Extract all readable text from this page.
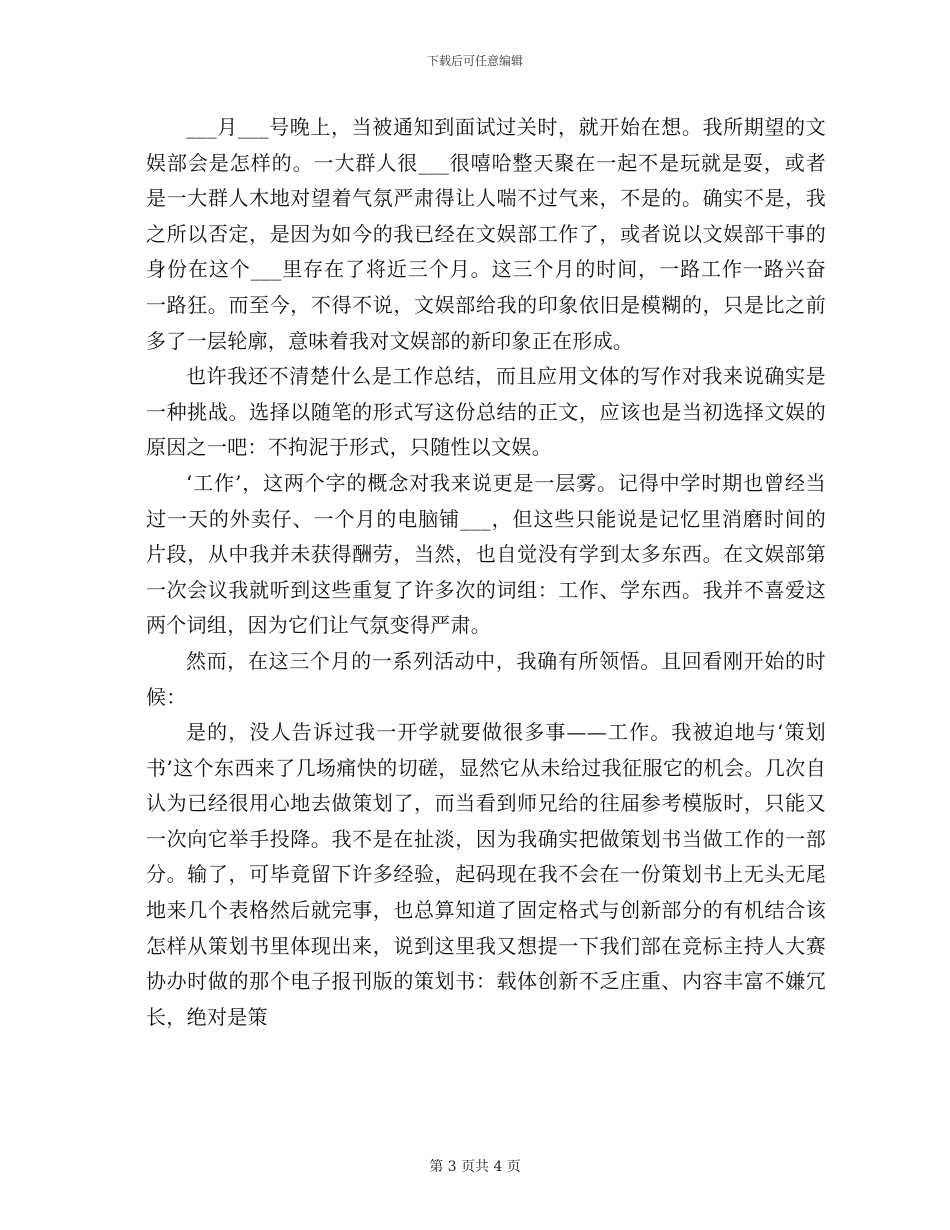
下载后可任意编辑

___月___号晚上，当被通知到面试过关时，就开始在想。我所期望的文娱部会是怎样的。一大群人很___很嘻哈整天聚在一起不是玩就是耍，或者是一大群人木地对望着气氛严肃得让人喘不过气来，不是的。确实不是，我之所以否定，是因为如今的我已经在文娱部工作了，或者说以文娱部干事的身份在这个___里存在了将近三个月。这三个月的时间，一路工作一路兴奋一路狂。而至今，不得不说，文娱部给我的印象依旧是模糊的，只是比之前多了一层轮廓，意味着我对文娱部的新印象正在形成。

也许我还不清楚什么是工作总结，而且应用文体的写作对我来说确实是一种挑战。选择以随笔的形式写这份总结的正文，应该也是当初选择文娱的原因之一吧：不拘泥于形式，只随性以文娱。

‘工作’，这两个字的概念对我来说更是一层雾。记得中学时期也曾经当过一天的外卖仔、一个月的电脑铺___，但这些只能说是记忆里消磨时间的片段，从中我并未获得酬劳，当然，也自觉没有学到太多东西。在文娱部第一次会议我就听到这些重复了许多次的词组：工作、学东西。我并不喜爱这两个词组，因为它们让气氛变得严肃。

然而，在这三个月的一系列活动中，我确有所领悟。且回看刚开始的时候：

是的，没人告诉过我一开学就要做很多事——工作。我被迫地与‘策划书’这个东西来了几场痛快的切磋，显然它从未给过我征服它的机会。几次自认为已经很用心地去做策划了，而当看到师兄给的往届参考模版时，只能又一次向它举手投降。我不是在扯淡，因为我确实把做策划书当做工作的一部分。输了，可毕竟留下许多经验，起码现在我不会在一份策划书上无头无尾地来几个表格然后就完事，也总算知道了固定格式与创新部分的有机结合该怎样从策划书里体现出来，说到这里我又想提一下我们部在竞标主持人大赛协办时做的那个电子报刊版的策划书：载体创新不乏庄重、内容丰富不嫌冗长，绝对是策

第 3 页共 4 页
